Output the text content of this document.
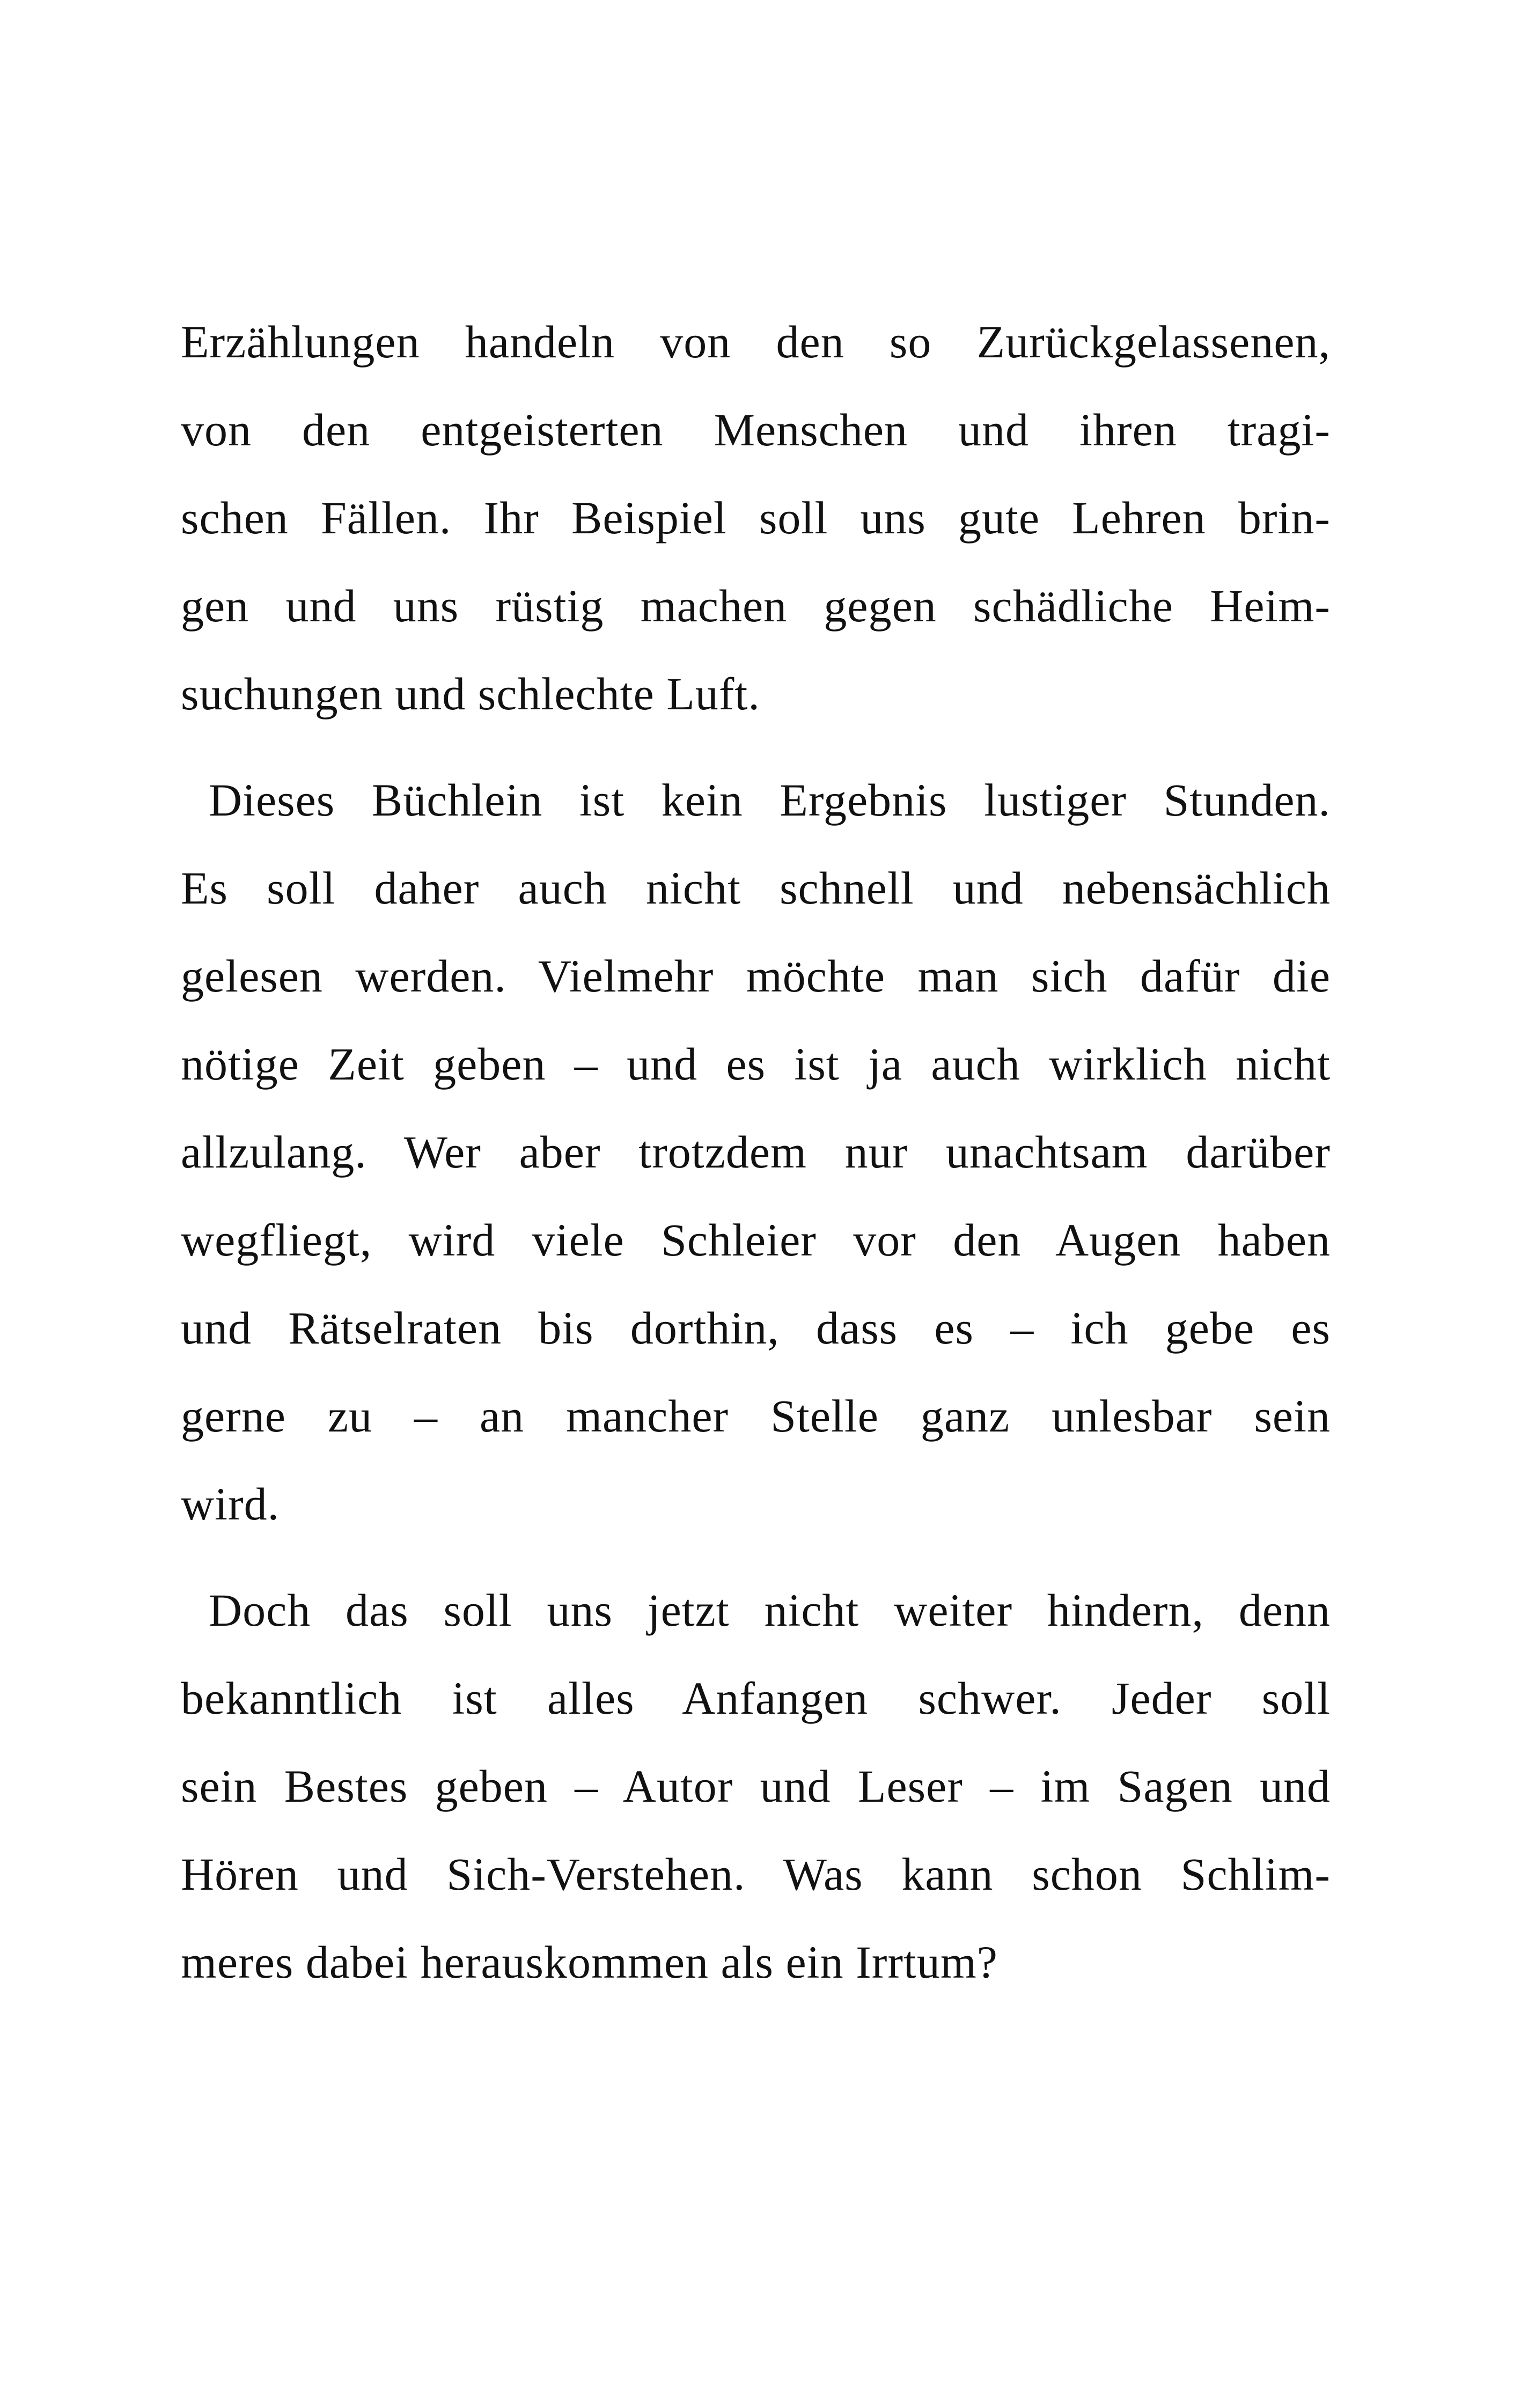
Erzählungen handeln von den so Zurückgelassenen,
von den entgeisterten Menschen und ihren tragi-
schen Fällen. Ihr Beispiel soll uns gute Lehren brin-
gen und uns rüstig machen gegen schädliche Heim-
suchungen und schlechte Luft.

Dieses Büchlein ist kein Ergebnis lustiger Stunden.
Es soll daher auch nicht schnell und nebensächlich
gelesen werden. Vielmehr möchte man sich dafür die
nötige Zeit geben – und es ist ja auch wirklich nicht
allzulang. Wer aber trotzdem nur unachtsam darüber
wegfliegt, wird viele Schleier vor den Augen haben
und Rätselraten bis dorthin, dass es – ich gebe es
gerne zu – an mancher Stelle ganz unlesbar sein
wird.

Doch das soll uns jetzt nicht weiter hindern, denn
bekanntlich ist alles Anfangen schwer. Jeder soll
sein Bestes geben – Autor und Leser – im Sagen und
Hören und Sich-Verstehen. Was kann schon Schlim-
meres dabei herauskommen als ein Irrtum?
